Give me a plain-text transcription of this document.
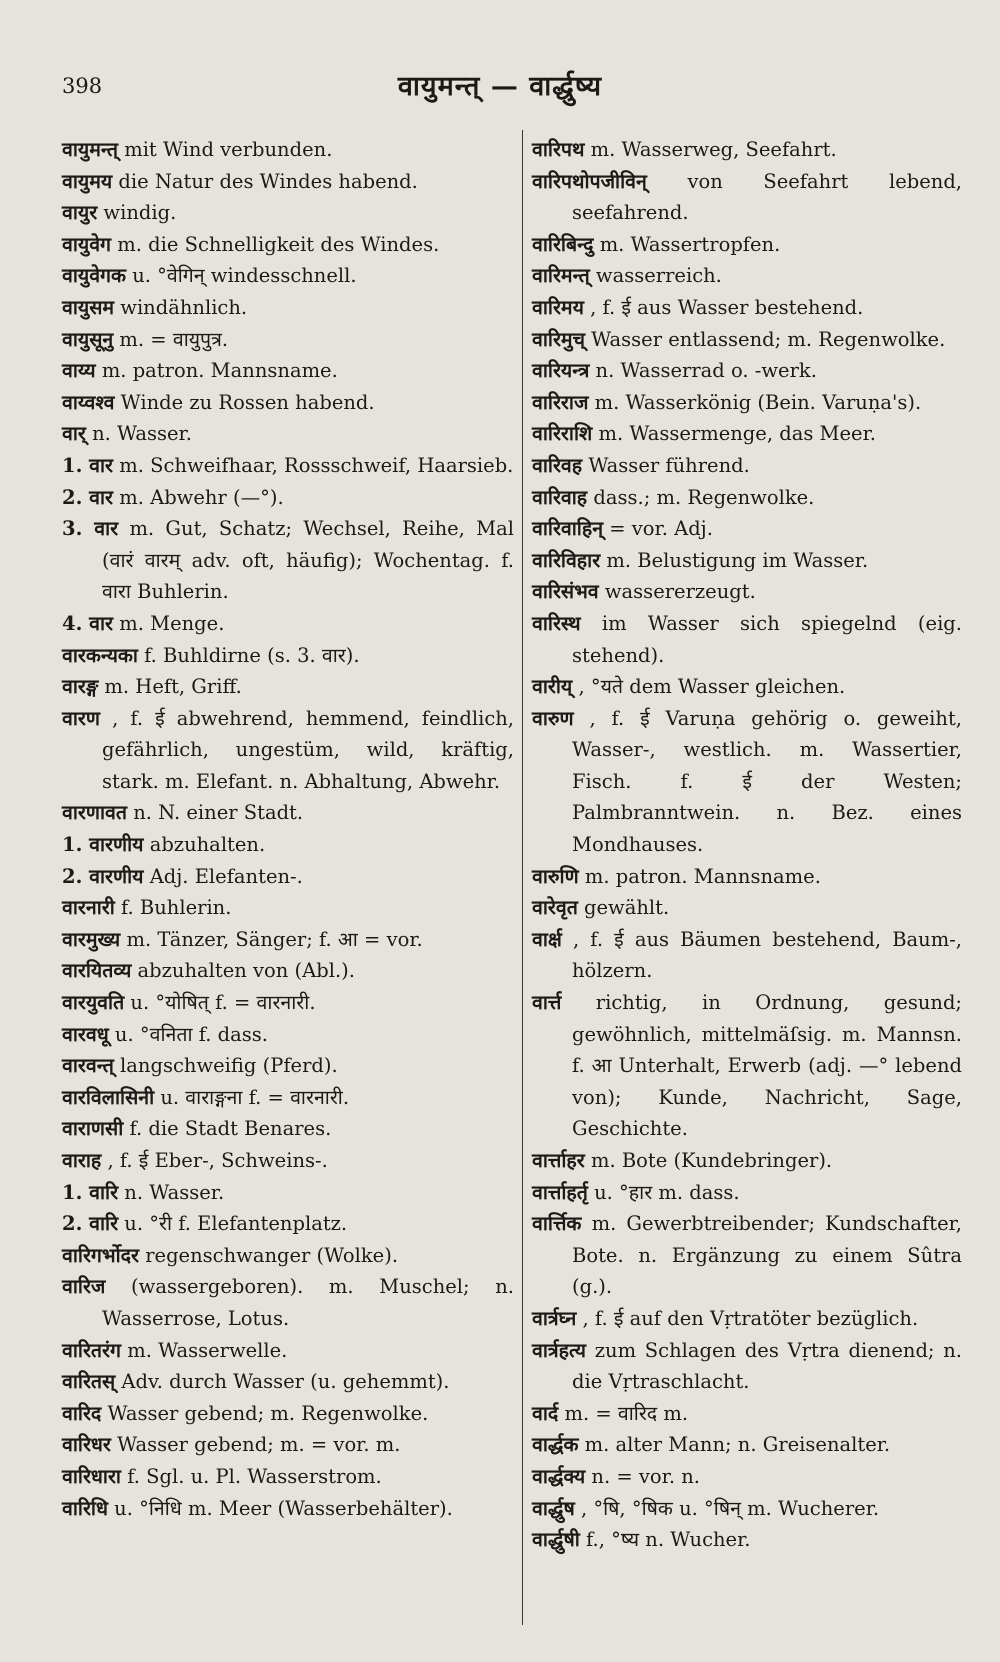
398	वायुमन्त् — वार्द्धुष्य
वायुमन्त् mit Wind verbunden.
वायुमय die Natur des Windes habend.
वायुर windig.
वायुवेग m. die Schnelligkeit des Windes.
वायुवेगक u. °वेगिन् windesschnell.
वायुसम windähnlich.
वायुसूनु m. = वायुपुत्र.
वाय्य m. patron. Mannsname.
वाय्वश्व Winde zu Rossen habend.
वार् n. Wasser.
1. वार m. Schweifhaar, Rossschweif, Haarsieb.
2. वार m. Abwehr (—°).
3. वार m. Gut, Schatz; Wechsel, Reihe, Mal (वारं वारम् adv. oft, häufig); Wochentag. f. वारा Buhlerin.
4. वार m. Menge.
वारकन्यका f. Buhldirne (s. 3. वार).
वारङ्ग m. Heft, Griff.
वारण , f. ई abwehrend, hemmend, feindlich, gefährlich, ungestüm, wild, kräftig, stark. m. Elefant. n. Abhaltung, Abwehr.
वारणावत n. N. einer Stadt.
1. वारणीय abzuhalten.
2. वारणीय Adj. Elefanten-.
वारनारी f. Buhlerin.
वारमुख्य m. Tänzer, Sänger; f. आ = vor.
वारयितव्य abzuhalten von (Abl.).
वारयुवति u. °योषित् f. = वारनारी.
वारवधू u. °वनिता f. dass.
वारवन्त् langschweifig (Pferd).
वारविलासिनी u. वाराङ्गना f. = वारनारी.
वाराणसी f. die Stadt Benares.
वाराह , f. ई Eber-, Schweins-.
1. वारि n. Wasser.
2. वारि u. °री f. Elefantenplatz.
वारिगर्भोदर regenschwanger (Wolke).
वारिज (wassergeboren). m. Muschel; n. Wasserrose, Lotus.
वारितरंग m. Wasserwelle.
वारितस् Adv. durch Wasser (u. gehemmt).
वारिद Wasser gebend; m. Regenwolke.
वारिधर Wasser gebend; m. = vor. m.
वारिधारा f. Sgl. u. Pl. Wasserstrom.
वारिधि u. °निधि m. Meer (Wasserbehälter).
वारिपथ m. Wasserweg, Seefahrt.
वारिपथोपजीविन् von Seefahrt lebend, seefahrend.
वारिबिन्दु m. Wassertropfen.
वारिमन्त् wasserreich.
वारिमय , f. ई aus Wasser bestehend.
वारिमुच् Wasser entlassend; m. Regenwolke.
वारियन्त्र n. Wasserrad o. -werk.
वारिराज m. Wasserkönig (Bein. Varuṇa's).
वारिराशि m. Wassermenge, das Meer.
वारिवह Wasser führend.
वारिवाह dass.; m. Regenwolke.
वारिवाहिन् = vor. Adj.
वारिविहार m. Belustigung im Wasser.
वारिसंभव wassererzeugt.
वारिस्थ im Wasser sich spiegelnd (eig. stehend).
वारीय् , °यते dem Wasser gleichen.
वारुण , f. ई Varuṇa gehörig o. geweiht, Wasser-, westlich. m. Wassertier, Fisch. f. ई der Westen; Palmbranntwein. n. Bez. eines Mondhauses.
वारुणि m. patron. Mannsname.
वारेवृत gewählt.
वार्क्ष , f. ई aus Bäumen bestehend, Baum-, hölzern.
वार्त्त richtig, in Ordnung, gesund; gewöhnlich, mittelmäſsig. m. Mannsn. f. आ Unterhalt, Erwerb (adj. —° lebend von); Kunde, Nachricht, Sage, Geschichte.
वार्त्ताहर m. Bote (Kundebringer).
वार्त्ताहर्तृ u. °हार m. dass.
वार्त्तिक m. Gewerbtreibender; Kundschafter, Bote. n. Ergänzung zu einem Sûtra (g.).
वार्त्रघ्न , f. ई auf den Vṛtratöter bezüglich.
वार्त्रहत्य zum Schlagen des Vṛtra dienend; n. die Vṛtraschlacht.
वार्द m. = वारिद m.
वार्द्धक m. alter Mann; n. Greisenalter.
वार्द्धक्य n. = vor. n.
वार्द्धुष , °षि, °षिक u. °षिन् m. Wucherer.
वार्द्धुषी f., °ष्य n. Wucher.
